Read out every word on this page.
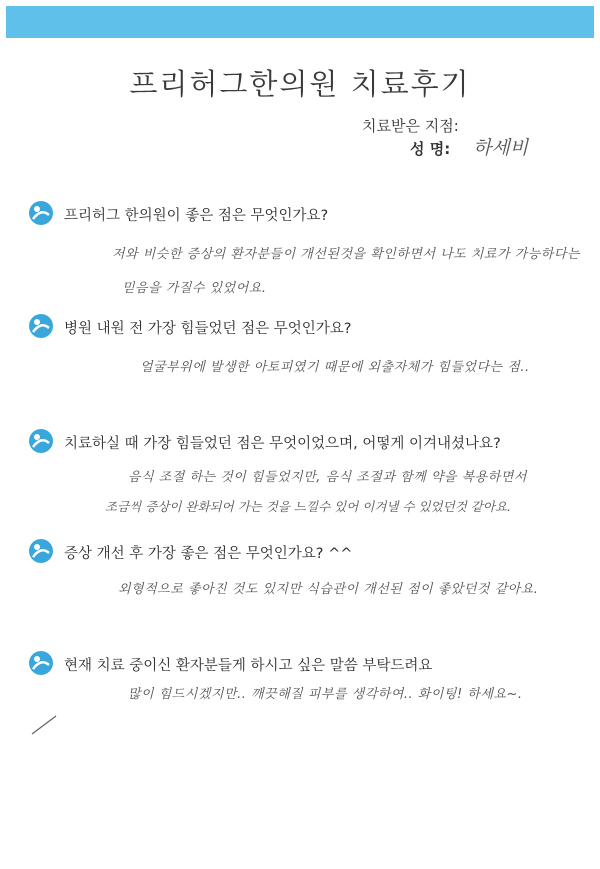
프리허그한의원 치료후기
치료받은 지점:
성 명: 하세비
프리허그 한의원이 좋은 점은 무엇인가요?
저와 비슷한 증상의 환자분들이 개선된것을 확인하면서 나도 치료가 가능하다는
믿음을 가질수 있었어요.
병원 내원 전 가장 힘들었던 점은 무엇인가요?
얼굴부위에 발생한 아토피였기 때문에 외출자체가 힘들었다는 점..
치료하실 때 가장 힘들었던 점은 무엇이었으며, 어떻게 이겨내셨나요?
음식 조절 하는 것이 힘들었지만, 음식 조절과 함께 약을 복용하면서
조금씩 증상이 완화되어 가는 것을 느낄수 있어 이겨낼 수 있었던것 같아요.
증상 개선 후 가장 좋은 점은 무엇인가요? ^^
외형적으로 좋아진 것도 있지만 식습관이 개선된 점이 좋았던것 같아요.
현재 치료 중이신 환자분들게 하시고 싶은 말씀 부탁드려요
많이 힘드시겠지만.. 깨끗해질 피부를 생각하여.. 화이팅! 하세요~.
